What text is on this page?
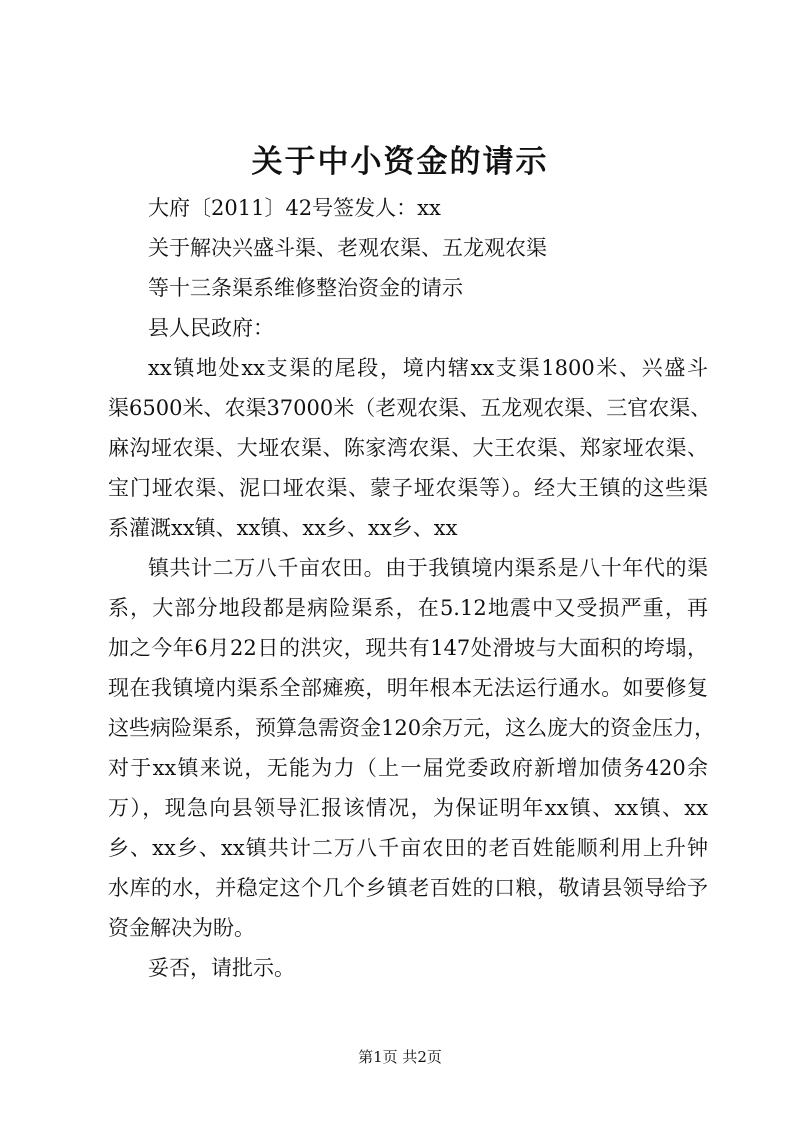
关于中小资金的请示
大府〔2011〕42号签发人：xx
关于解决兴盛斗渠、老观农渠、五龙观农渠
等十三条渠系维修整治资金的请示
县人民政府：
xx镇地处xx支渠的尾段，境内辖xx支渠1800米、兴盛斗
渠6500米、农渠37000米（老观农渠、五龙观农渠、三官农渠、
麻沟垭农渠、大垭农渠、陈家湾农渠、大王农渠、郑家垭农渠、
宝门垭农渠、泥口垭农渠、蒙子垭农渠等）。经大王镇的这些渠
系灌溉xx镇、xx镇、xx乡、xx乡、xx
镇共计二万八千亩农田。由于我镇境内渠系是八十年代的渠
系，大部分地段都是病险渠系，在5.12地震中又受损严重，再
加之今年6月22日的洪灾，现共有147处滑坡与大面积的垮塌，
现在我镇境内渠系全部瘫痪，明年根本无法运行通水。如要修复
这些病险渠系，预算急需资金120余万元，这么庞大的资金压力，
对于xx镇来说，无能为力（上一届党委政府新增加债务420余
万），现急向县领导汇报该情况，为保证明年xx镇、xx镇、xx
乡、xx乡、xx镇共计二万八千亩农田的老百姓能顺利用上升钟
水库的水，并稳定这个几个乡镇老百姓的口粮，敬请县领导给予
资金解决为盼。
妥否，请批示。
第1页 共2页
